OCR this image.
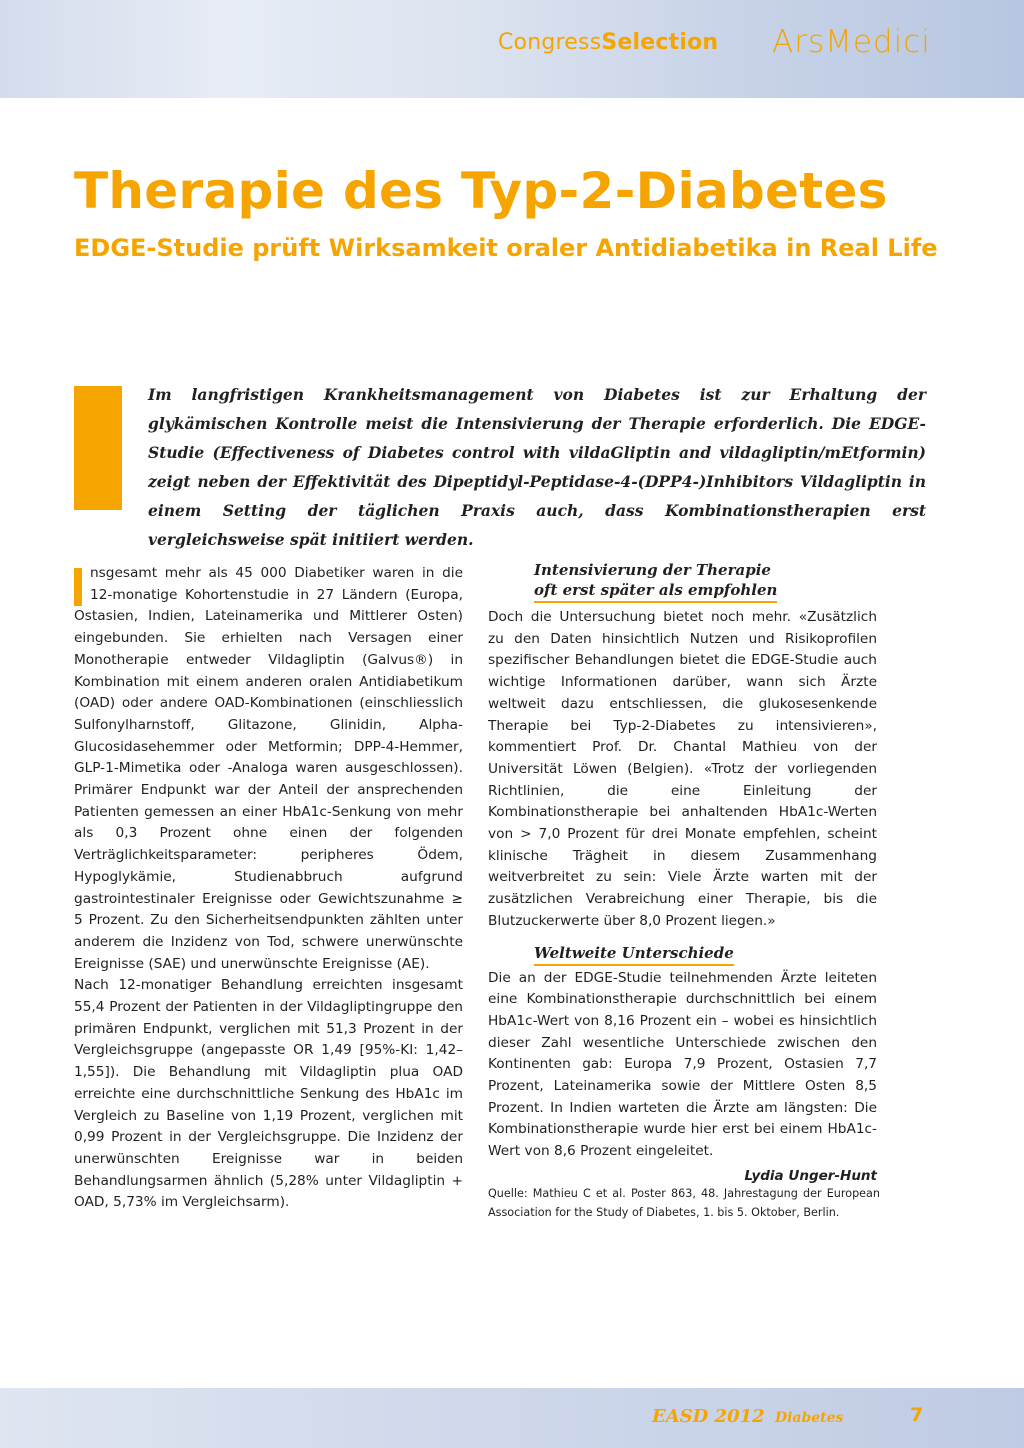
CongressSelection ArsMedici
Therapie des Typ-2-Diabetes
EDGE-Studie prüft Wirksamkeit oraler Antidiabetika in Real Life

Im langfristigen Krankheitsmanagement von Diabetes ist zur Erhaltung der glykämischen Kontrolle meist die Intensivierung der Therapie erforderlich. Die EDGE-Studie (Effectiveness of Diabetes control with vildaGliptin and vildagliptin/mEtformin) zeigt neben der Effektivität des Dipeptidyl-Peptidase-4-(DPP4-)Inhibitors Vildagliptin in einem Setting der täglichen Praxis auch, dass Kombinationstherapien erst vergleichsweise spät initiiert werden.

nsgesamt mehr als 45 000 Diabetiker waren in die 12-monatige Kohortenstudie in 27 Ländern (Europa, Ostasien, Indien, Lateinamerika und Mittlerer Osten) eingebunden. Sie erhielten nach Versagen einer Monotherapie entweder Vildagliptin (Galvus®) in Kombination mit einem anderen oralen Antidiabetikum (OAD) oder andere OAD-Kombinationen (einschliesslich Sulfonylharnstoff, Glitazone, Glinidin, Alpha-Glucosidasehemmer oder Metformin; DPP-4-Hemmer, GLP-1-Mimetika oder -Analoga waren ausgeschlossen). Primärer Endpunkt war der Anteil der ansprechenden Patienten gemessen an einer HbA1c-Senkung von mehr als 0,3 Prozent ohne einen der folgenden Verträglichkeitsparameter: peripheres Ödem, Hypoglykämie, Studienabbruch aufgrund gastrointestinaler Ereignisse oder Gewichtszunahme ≥ 5 Prozent. Zu den Sicherheitsendpunkten zählten unter anderem die Inzidenz von Tod, schwere unerwünschte Ereignisse (SAE) und unerwünschte Ereignisse (AE).

Nach 12-monatiger Behandlung erreichten insgesamt 55,4 Prozent der Patienten in der Vildagliptingruppe den primären Endpunkt, verglichen mit 51,3 Prozent in der Vergleichsgruppe (angepasste OR 1,49 [95%-KI: 1,42–1,55]). Die Behandlung mit Vildagliptin plua OAD erreichte eine durchschnittliche Senkung des HbA1c im Vergleich zu Baseline von 1,19 Prozent, verglichen mit 0,99 Prozent in der Vergleichsgruppe. Die Inzidenz der unerwünschten Ereignisse war in beiden Behandlungsarmen ähnlich (5,28% unter Vildagliptin + OAD, 5,73% im Vergleichsarm).

Intensivierung der Therapie
oft erst später als empfohlen

Doch die Untersuchung bietet noch mehr. «Zusätzlich zu den Daten hinsichtlich Nutzen und Risikoprofilen spezifischer Behandlungen bietet die EDGE-Studie auch wichtige Informationen darüber, wann sich Ärzte weltweit dazu entschliessen, die glukosesenkende Therapie bei Typ-2-Diabetes zu intensivieren», kommentiert Prof. Dr. Chantal Mathieu von der Universität Löwen (Belgien). «Trotz der vorliegenden Richtlinien, die eine Einleitung der Kombinationstherapie bei anhaltenden HbA1c-Werten von > 7,0 Prozent für drei Monate empfehlen, scheint klinische Trägheit in diesem Zusammenhang weitverbreitet zu sein: Viele Ärzte warten mit der zusätzlichen Verabreichung einer Therapie, bis die Blutzuckerwerte über 8,0 Prozent liegen.»

Weltweite Unterschiede

Die an der EDGE-Studie teilnehmenden Ärzte leiteten eine Kombinationstherapie durchschnittlich bei einem HbA1c-Wert von 8,16 Prozent ein – wobei es hinsichtlich dieser Zahl wesentliche Unterschiede zwischen den Kontinenten gab: Europa 7,9 Prozent, Ostasien 7,7 Prozent, Lateinamerika sowie der Mittlere Osten 8,5 Prozent. In Indien warteten die Ärzte am längsten: Die Kombinationstherapie wurde hier erst bei einem HbA1c-Wert von 8,6 Prozent eingeleitet.

Lydia Unger-Hunt

Quelle: Mathieu C et al. Poster 863, 48. Jahrestagung der European Association for the Study of Diabetes, 1. bis 5. Oktober, Berlin.

EASD 2012 Diabetes	7
